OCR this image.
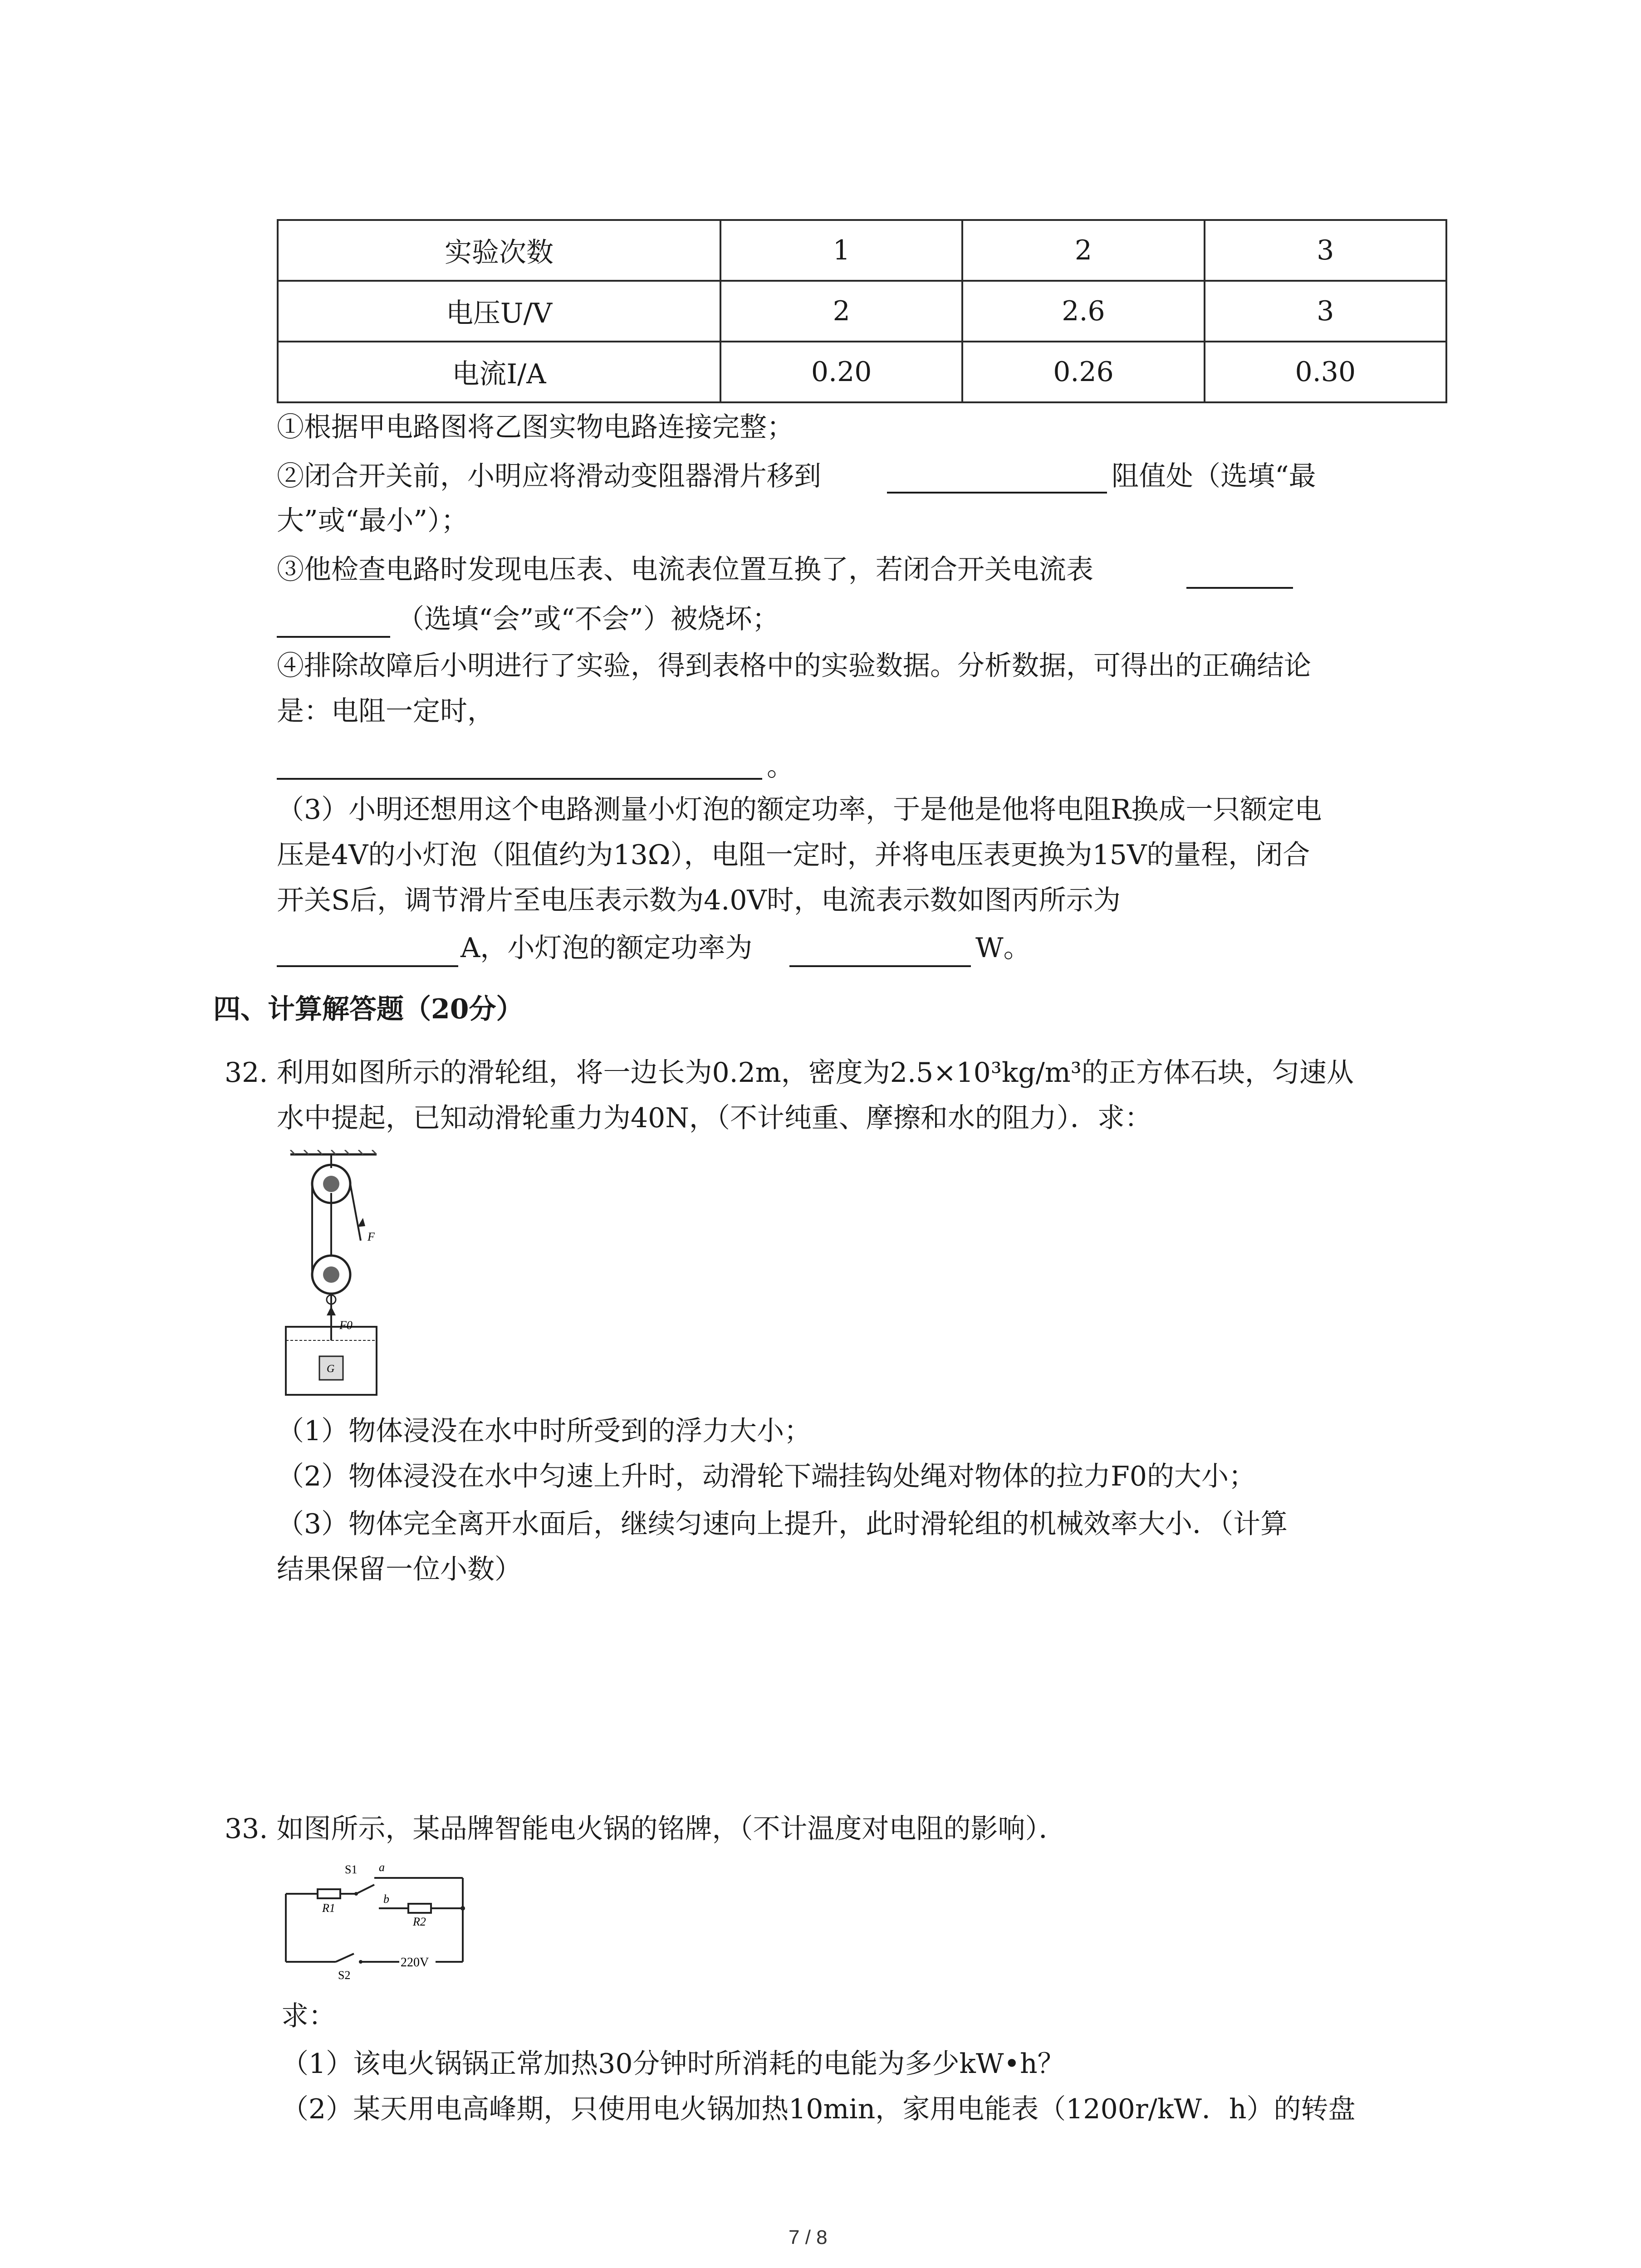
实验次数	1	2	3
电压U/V	2	2.6	3
电流I/A	0.20	0.26	0.30
①根据甲电路图将乙图实物电路连接完整；
②闭合开关前，小明应将滑动变阻器滑片移到	阻值处（选填“最
大”或“最小”）；
③他检查电路时发现电压表、电流表位置互换了，若闭合开关电流表
（选填“会”或“不会”）被烧坏；
④排除故障后小明进行了实验，得到表格中的实验数据。分析数据，可得出的正确结论
是：电阻一定时，
。
（3）小明还想用这个电路测量小灯泡的额定功率，于是他是他将电阻R换成一只额定电
压是4V的小灯泡（阻值约为13Ω），电阻一定时，并将电压表更换为15V的量程，闭合
开关S后，调节滑片至电压表示数为4.0V时，电流表示数如图丙所示为
A，小灯泡的额定功率为	W。
四、计算解答题（20分）
32. 利用如图所示的滑轮组，将一边长为0.2m，密度为2.5×10³kg/m³的正方体石块，匀速从
水中提起，已知动滑轮重力为40N，（不计纯重、摩擦和水的阻力）．求：
F
F0
G
（1）物体浸没在水中时所受到的浮力大小；
（2）物体浸没在水中匀速上升时，动滑轮下端挂钩处绳对物体的拉力F0的大小；
（3）物体完全离开水面后，继续匀速向上提升，此时滑轮组的机械效率大小．（计算
结果保留一位小数）
33. 如图所示，某品牌智能电火锅的铭牌，（不计温度对电阻的影响）．
S1 a
R1
b
R2
S2
220V
求：
（1）该电火锅锅正常加热30分钟时所消耗的电能为多少kW•h？
（2）某天用电高峰期，只使用电火锅加热10min，家用电能表（1200r/kW．h）的转盘
7 / 8
